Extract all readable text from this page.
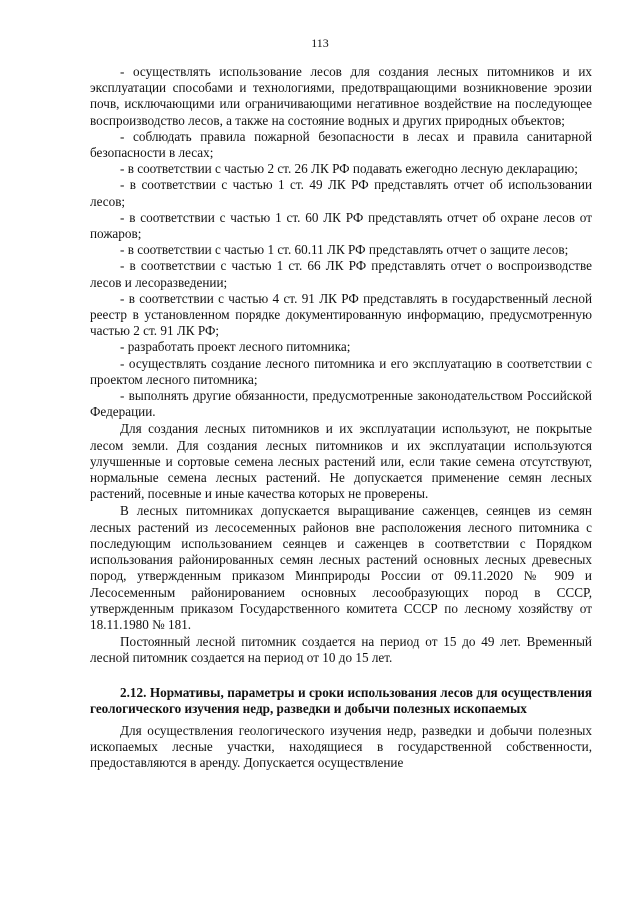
113

- осуществлять использование лесов для создания лесных питомников и их эксплуатации способами и технологиями, предотвращающими возникновение эрозии почв, исключающими или ограничивающими негативное воздействие на последующее воспроизводство лесов, а также на состояние водных и других природных объектов;

- соблюдать правила пожарной безопасности в лесах и правила санитарной безопасности в лесах;

- в соответствии с частью 2 ст. 26 ЛК РФ подавать ежегодно лесную декларацию;

- в соответствии с частью 1 ст. 49 ЛК РФ представлять отчет об использовании лесов;

- в соответствии с частью 1 ст. 60 ЛК РФ представлять отчет об охране лесов от пожаров;

- в соответствии с частью 1 ст. 60.11 ЛК РФ представлять отчет о защите лесов;

- в соответствии с частью 1 ст. 66 ЛК РФ представлять отчет о воспроизводстве лесов и лесоразведении;

- в соответствии с частью 4 ст. 91 ЛК РФ представлять в государственный лесной реестр в установленном порядке документированную информацию, предусмотренную частью 2 ст. 91 ЛК РФ;

- разработать проект лесного питомника;

- осуществлять создание лесного питомника и его эксплуатацию в соответствии с проектом лесного питомника;

- выполнять другие обязанности, предусмотренные законодательством Российской Федерации.

Для создания лесных питомников и их эксплуатации используют, не покрытые лесом земли. Для создания лесных питомников и их эксплуатации используются улучшенные и сортовые семена лесных растений или, если такие семена отсутствуют, нормальные семена лесных растений. Не допускается применение семян лесных растений, посевные и иные качества которых не проверены.

В лесных питомниках допускается выращивание саженцев, сеянцев из семян лесных растений из лесосеменных районов вне расположения лесного питомника с последующим использованием сеянцев и саженцев в соответствии с Порядком использования районированных семян лесных растений основных лесных древесных пород, утвержденным приказом Минприроды России от 09.11.2020 № 909 и Лесосеменным районированием основных лесообразующих пород в СССР, утвержденным приказом Государственного комитета СССР по лесному хозяйству от 18.11.1980 № 181.

Постоянный лесной питомник создается на период от 15 до 49 лет. Временный лесной питомник создается на период от 10 до 15 лет.

2.12. Нормативы, параметры и сроки использования лесов для осуществления геологического изучения недр, разведки и добычи полезных ископаемых

Для осуществления геологического изучения недр, разведки и добычи полезных ископаемых лесные участки, находящиеся в государственной собственности, предоставляются в аренду. Допускается осуществление
